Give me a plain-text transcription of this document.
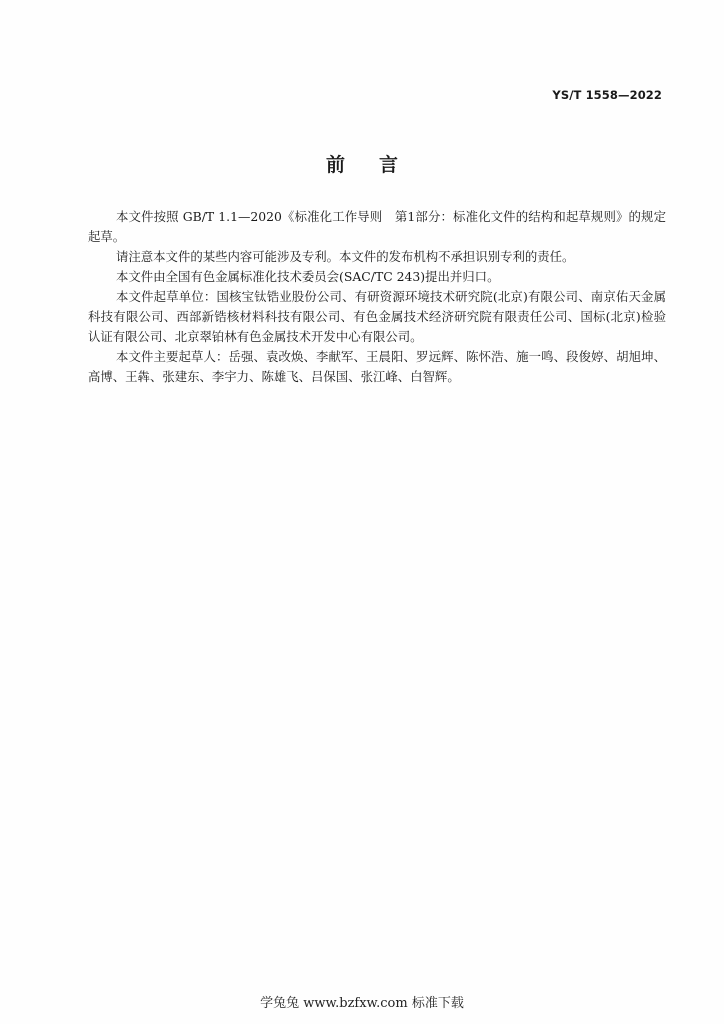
YS/T 1558—2022
前 言

本文件按照 GB/T 1.1—2020《标准化工作导则　第1部分：标准化文件的结构和起草规则》的规定起草。

请注意本文件的某些内容可能涉及专利。本文件的发布机构不承担识别专利的责任。

本文件由全国有色金属标准化技术委员会(SAC/TC 243)提出并归口。

本文件起草单位：国核宝钛锆业股份公司、有研资源环境技术研究院(北京)有限公司、南京佑天金属科技有限公司、西部新锆核材料科技有限公司、有色金属技术经济研究院有限责任公司、国标(北京)检验认证有限公司、北京翠铂林有色金属技术开发中心有限公司。

本文件主要起草人：岳强、袁改焕、李献军、王晨阳、罗远辉、陈怀浩、施一鸣、段俊婷、胡旭坤、高博、王犇、张建东、李宇力、陈雄飞、吕保国、张江峰、白智辉。

学兔兔 www.bzfxw.com 标准下载
